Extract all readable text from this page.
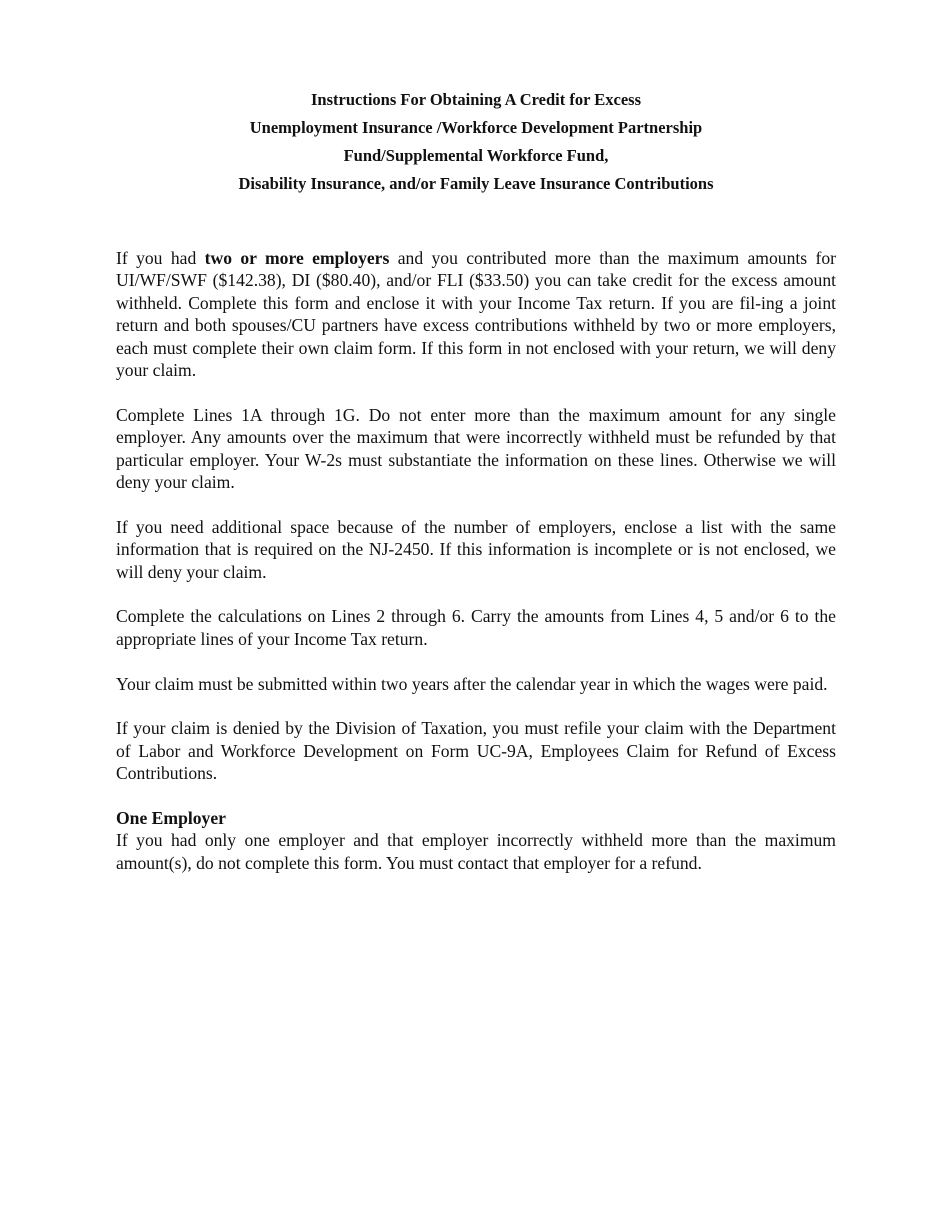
Instructions For Obtaining A Credit for Excess
Unemployment Insurance /Workforce Development Partnership
Fund/Supplemental Workforce Fund,
Disability Insurance, and/or Family Leave Insurance Contributions

If you had two or more employers and you contributed more than the maximum amounts for UI/WF/SWF ($142.38), DI ($80.40), and/or FLI ($33.50) you can take credit for the excess amount withheld. Complete this form and enclose it with your Income Tax return. If you are fil-ing a joint return and both spouses/CU partners have excess contributions withheld by two or more employers, each must complete their own claim form. If this form in not enclosed with your return, we will deny your claim.

Complete Lines 1A through 1G. Do not enter more than the maximum amount for any single employer. Any amounts over the maximum that were incorrectly withheld must be refunded by that particular employer. Your W-2s must substantiate the information on these lines. Otherwise we will deny your claim.

If you need additional space because of the number of employers, enclose a list with the same information that is required on the NJ-2450. If this information is incomplete or is not enclosed, we will deny your claim.

Complete the calculations on Lines 2 through 6. Carry the amounts from Lines 4, 5 and/or 6 to the appropriate lines of your Income Tax return.

Your claim must be submitted within two years after the calendar year in which the wages were paid.

If your claim is denied by the Division of Taxation, you must refile your claim with the Department of Labor and Workforce Development on Form UC-9A, Employees Claim for Refund of Excess Contributions.

One Employer
If you had only one employer and that employer incorrectly withheld more than the maximum amount(s), do not complete this form. You must contact that employer for a refund.
